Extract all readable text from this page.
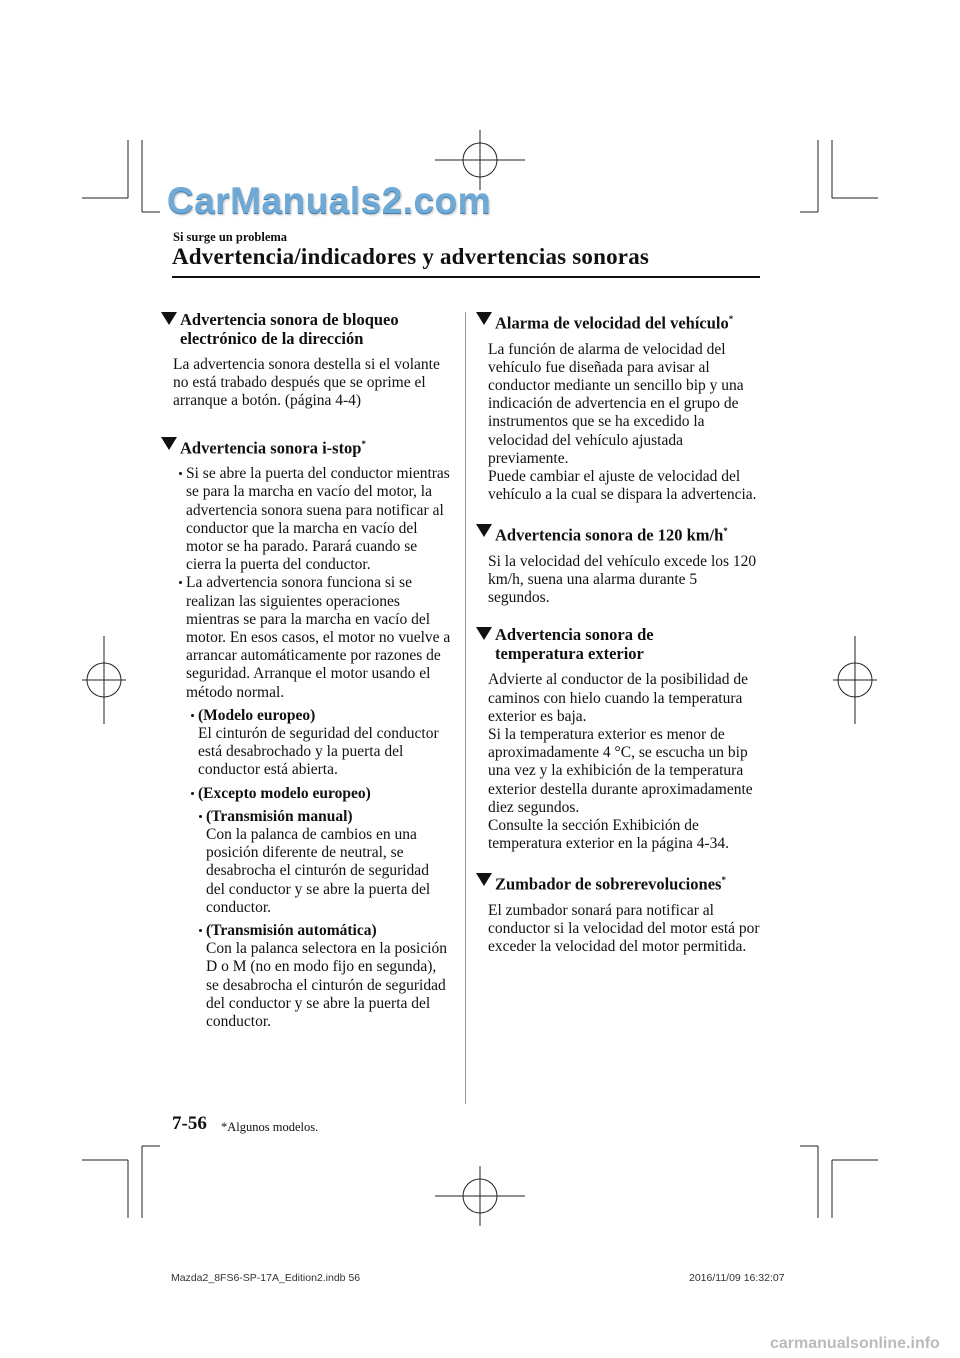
CarManuals2.com
Si surge un problema
Advertencia/indicadores y advertencias sonoras
Advertencia sonora de bloqueo
electrónico de la dirección
La advertencia sonora destella si el volante no está trabado después que se oprime el arranque a botón. (página 4-4)
Advertencia sonora i-stop*
Si se abre la puerta del conductor mientras se para la marcha en vacío del motor, la advertencia sonora suena para notificar al conductor que la marcha en vacío del motor se ha parado. Parará cuando se cierra la puerta del conductor.
La advertencia sonora funciona si se realizan las siguientes operaciones mientras se para la marcha en vacío del motor. En esos casos, el motor no vuelve a arrancar automáticamente por razones de seguridad. Arranque el motor usando el método normal.
(Modelo europeo)
El cinturón de seguridad del conductor está desabrochado y la puerta del conductor está abierta.
(Excepto modelo europeo)
(Transmisión manual)
Con la palanca de cambios en una posición diferente de neutral, se desabrocha el cinturón de seguridad del conductor y se abre la puerta del conductor.
(Transmisión automática)
Con la palanca selectora en la posición D o M (no en modo fijo en segunda), se desabrocha el cinturón de seguridad del conductor y se abre la puerta del conductor.
Alarma de velocidad del vehículo*
La función de alarma de velocidad del vehículo fue diseñada para avisar al conductor mediante un sencillo bip y una indicación de advertencia en el grupo de instrumentos que se ha excedido la velocidad del vehículo ajustada previamente.
Puede cambiar el ajuste de velocidad del vehículo a la cual se dispara la advertencia.
Advertencia sonora de 120 km/h*
Si la velocidad del vehículo excede los 120 km/h, suena una alarma durante 5 segundos.
Advertencia sonora de
temperatura exterior
Advierte al conductor de la posibilidad de caminos con hielo cuando la temperatura exterior es baja.
Si la temperatura exterior es menor de aproximadamente 4 °C, se escucha un bip una vez y la exhibición de la temperatura exterior destella durante aproximadamente diez segundos.
Consulte la sección Exhibición de temperatura exterior en la página 4-34.
Zumbador de sobrerevoluciones*
El zumbador sonará para notificar al conductor si la velocidad del motor está por exceder la velocidad del motor permitida.
7-56 *Algunos modelos.
Mazda2_8FS6-SP-17A_Edition2.indb 56	2016/11/09 16:32:07
carmanualsonline.info
